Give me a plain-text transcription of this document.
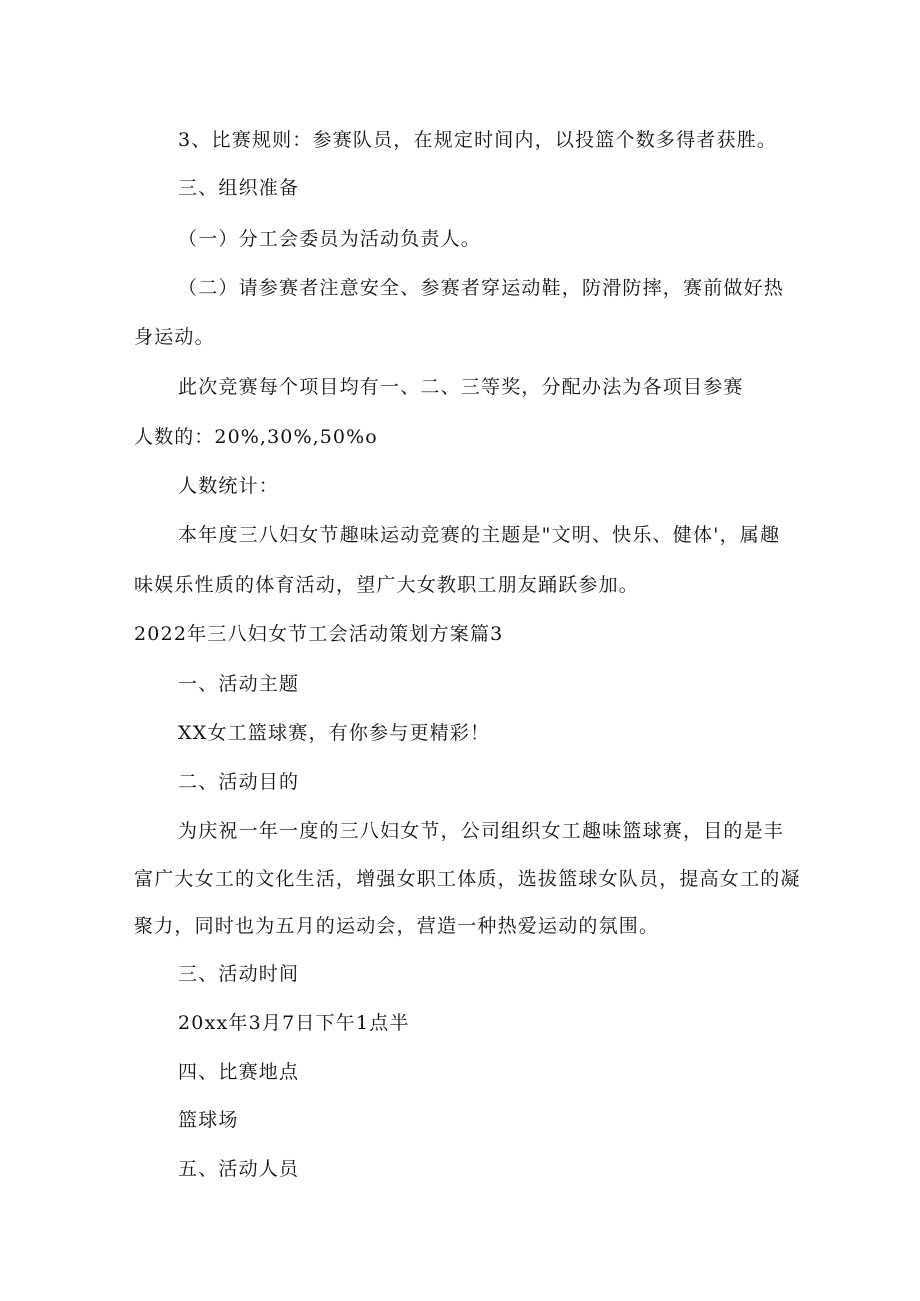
3、比赛规则：参赛队员，在规定时间内，以投篮个数多得者获胜。
三、组织准备
（一）分工会委员为活动负责人。
（二）请参赛者注意安全、参赛者穿运动鞋，防滑防摔，赛前做好热
身运动。
此次竞赛每个项目均有一、二、三等奖，分配办法为各项目参赛
人数的：20%,30%,50%o
人数统计：
本年度三八妇女节趣味运动竞赛的主题是"文明、快乐、健体'，属趣
味娱乐性质的体育活动，望广大女教职工朋友踊跃参加。
2022年三八妇女节工会活动策划方案篇3
一、活动主题
XX女工篮球赛，有你参与更精彩！
二、活动目的
为庆祝一年一度的三八妇女节，公司组织女工趣味篮球赛，目的是丰
富广大女工的文化生活，增强女职工体质，选拔篮球女队员，提高女工的凝
聚力，同时也为五月的运动会，营造一种热爱运动的氛围。
三、活动时间
20xx年3月7日下午1点半
四、比赛地点
篮球场
五、活动人员
